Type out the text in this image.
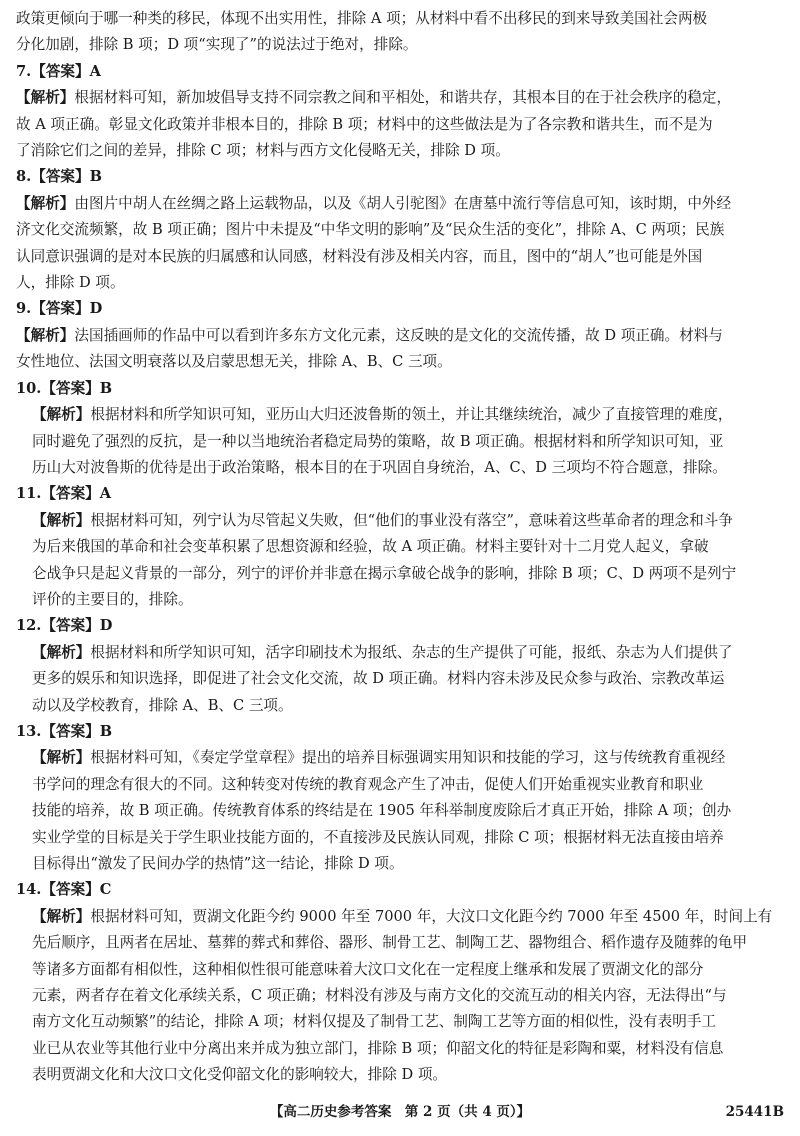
政策更倾向于哪一种类的移民，体现不出实用性，排除 A 项；从材料中看不出移民的到来导致美国社会两极

分化加剧，排除 B 项；D 项“实现了”的说法过于绝对，排除。

7.【答案】A

【解析】根据材料可知，新加坡倡导支持不同宗教之间和平相处，和谐共存，其根本目的在于社会秩序的稳定，

故 A 项正确。彰显文化政策并非根本目的，排除 B 项；材料中的这些做法是为了各宗教和谐共生，而不是为

了消除它们之间的差异，排除 C 项；材料与西方文化侵略无关，排除 D 项。

8.【答案】B

【解析】由图片中胡人在丝绸之路上运载物品，以及《胡人引驼图》在唐墓中流行等信息可知，该时期，中外经

济文化交流频繁，故 B 项正确；图片中未提及“中华文明的影响”及“民众生活的变化”，排除 A、C 两项；民族

认同意识强调的是对本民族的归属感和认同感，材料没有涉及相关内容，而且，图中的“胡人”也可能是外国

人，排除 D 项。

9.【答案】D

【解析】法国插画师的作品中可以看到许多东方文化元素，这反映的是文化的交流传播，故 D 项正确。材料与

女性地位、法国文明衰落以及启蒙思想无关，排除 A、B、C 三项。

10.【答案】B

【解析】根据材料和所学知识可知，亚历山大归还波鲁斯的领土，并让其继续统治，减少了直接管理的难度，

同时避免了强烈的反抗，是一种以当地统治者稳定局势的策略，故 B 项正确。根据材料和所学知识可知，亚

历山大对波鲁斯的优待是出于政治策略，根本目的在于巩固自身统治，A、C、D 三项均不符合题意，排除。

11.【答案】A

【解析】根据材料可知，列宁认为尽管起义失败，但“他们的事业没有落空”，意味着这些革命者的理念和斗争

为后来俄国的革命和社会变革积累了思想资源和经验，故 A 项正确。材料主要针对十二月党人起义，拿破

仑战争只是起义背景的一部分，列宁的评价并非意在揭示拿破仑战争的影响，排除 B 项；C、D 两项不是列宁

评价的主要目的，排除。

12.【答案】D

【解析】根据材料和所学知识可知，活字印刷技术为报纸、杂志的生产提供了可能，报纸、杂志为人们提供了

更多的娱乐和知识选择，即促进了社会文化交流，故 D 项正确。材料内容未涉及民众参与政治、宗教改革运

动以及学校教育，排除 A、B、C 三项。

13.【答案】B

【解析】根据材料可知，《奏定学堂章程》提出的培养目标强调实用知识和技能的学习，这与传统教育重视经

书学问的理念有很大的不同。这种转变对传统的教育观念产生了冲击，促使人们开始重视实业教育和职业

技能的培养，故 B 项正确。传统教育体系的终结是在 1905 年科举制度废除后才真正开始，排除 A 项；创办

实业学堂的目标是关于学生职业技能方面的，不直接涉及民族认同观，排除 C 项；根据材料无法直接由培养

目标得出“激发了民间办学的热情”这一结论，排除 D 项。

14.【答案】C

【解析】根据材料可知，贾湖文化距今约 9000 年至 7000 年，大汶口文化距今约 7000 年至 4500 年，时间上有

先后顺序，且两者在居址、墓葬的葬式和葬俗、器形、制骨工艺、制陶工艺、器物组合、稻作遗存及随葬的龟甲

等诸多方面都有相似性，这种相似性很可能意味着大汶口文化在一定程度上继承和发展了贾湖文化的部分

元素，两者存在着文化承续关系，C 项正确；材料没有涉及与南方文化的交流互动的相关内容，无法得出“与

南方文化互动频繁”的结论，排除 A 项；材料仅提及了制骨工艺、制陶工艺等方面的相似性，没有表明手工

业已从农业等其他行业中分离出来并成为独立部门，排除 B 项；仰韶文化的特征是彩陶和粟，材料没有信息

表明贾湖文化和大汶口文化受仰韶文化的影响较大，排除 D 项。

【高二历史参考答案　第 2 页（共 4 页）】	25441B
